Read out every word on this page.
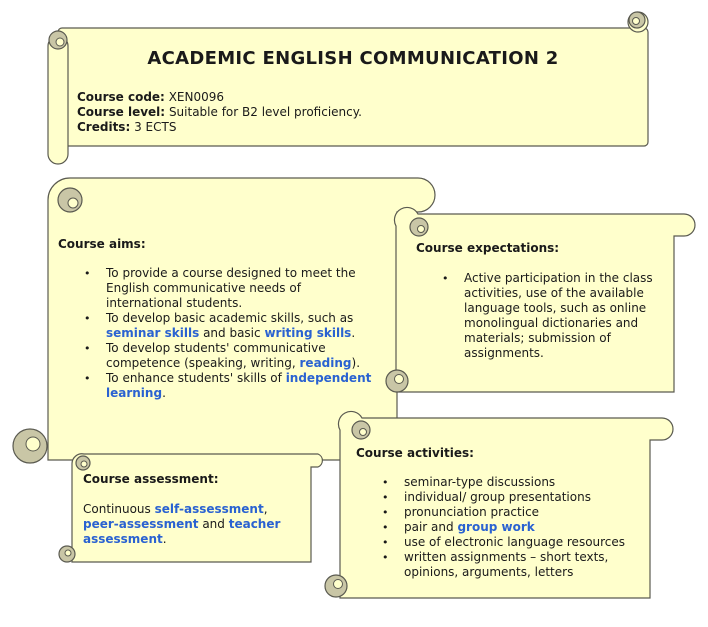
ACADEMIC ENGLISH COMMUNICATION 2
Course code: XEN0096
Course level: Suitable for B2 level proficiency.
Credits: 3 ECTS
Course aims:
• To provide a course designed to meet the English communicative needs of international students.
• To develop basic academic skills, such as seminar skills and basic writing skills.
• To develop students' communicative competence (speaking, writing, reading).
• To enhance students' skills of independent learning.
Course expectations:
• Active participation in the class activities, use of the available language tools, such as online monolingual dictionaries and materials; submission of assignments.
Course assessment:
Continuous self-assessment, peer-assessment and teacher assessment.
Course activities:
• seminar-type discussions
• individual/ group presentations
• pronunciation practice
• pair and group work
• use of electronic language resources
• written assignments – short texts, opinions, arguments, letters
